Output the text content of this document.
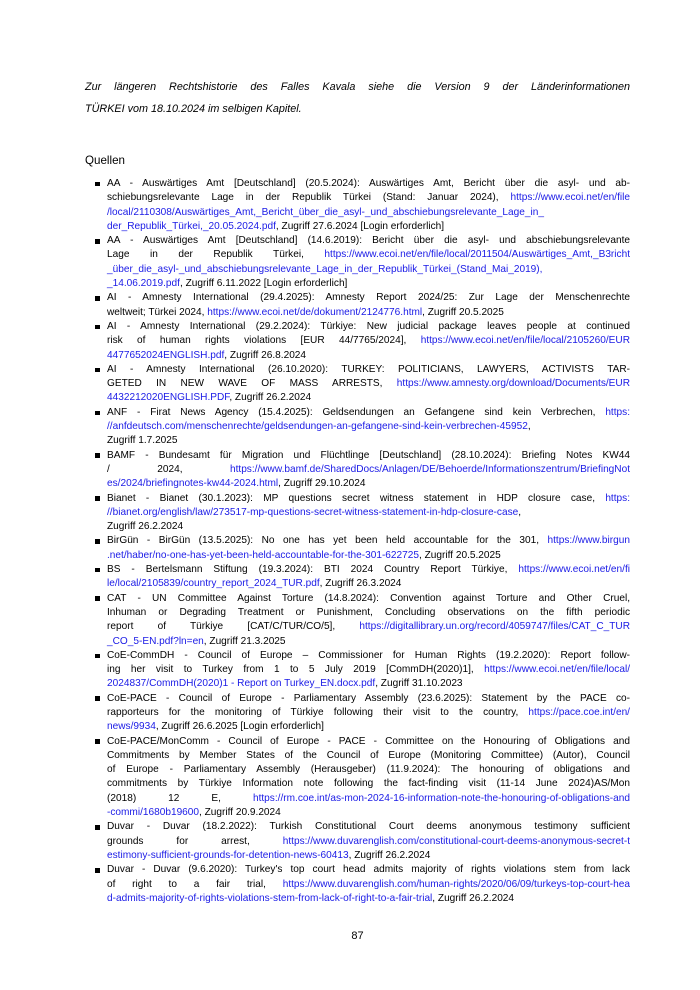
Zur längeren Rechtshistorie des Falles Kavala siehe die Version 9 der Länderinformationen
TÜRKEI vom 18.10.2024 im selbigen Kapitel.

Quellen
AA - Auswärtiges Amt [Deutschland] (20.5.2024): Auswärtiges Amt, Bericht über die asyl- und ab-
schiebungsrelevante Lage in der Republik Türkei (Stand: Januar 2024), https://www.ecoi.net/en/file
/local/2110308/Auswärtiges_Amt,_Bericht_über_die_asyl-_und_abschiebungsrelevante_Lage_in_
der_Republik_Türkei,_20.05.2024.pdf, Zugriff 27.6.2024 [Login erforderlich]
AA - Auswärtiges Amt [Deutschland] (14.6.2019): Bericht über die asyl- und abschiebungsrelevante
Lage in der Republik Türkei, https://www.ecoi.net/en/file/local/2011504/Auswärtiges_Amt,_B3richt
_über_die_asyl-_und_abschiebungsrelevante_Lage_in_der_Republik_Türkei_(Stand_Mai_2019),
_14.06.2019.pdf, Zugriff 6.11.2022 [Login erforderlich]
AI - Amnesty International (29.4.2025): Amnesty Report 2024/25: Zur Lage der Menschenrechte
weltweit; Türkei 2024, https://www.ecoi.net/de/dokument/2124776.html, Zugriff 20.5.2025
AI - Amnesty International (29.2.2024): Türkiye: New judicial package leaves people at continued
risk of human rights violations [EUR 44/7765/2024], https://www.ecoi.net/en/file/local/2105260/EUR
4477652024ENGLISH.pdf, Zugriff 26.8.2024
AI - Amnesty International (26.10.2020): TURKEY: POLITICIANS, LAWYERS, ACTIVISTS TAR-
GETED IN NEW WAVE OF MASS ARRESTS, https://www.amnesty.org/download/Documents/EUR
4432212020ENGLISH.PDF, Zugriff 26.2.2024
ANF - Firat News Agency (15.4.2025): Geldsendungen an Gefangene sind kein Verbrechen, https:
//anfdeutsch.com/menschenrechte/geldsendungen-an-gefangene-sind-kein-verbrechen-45952,
Zugriff 1.7.2025
BAMF - Bundesamt für Migration und Flüchtlinge [Deutschland] (28.10.2024): Briefing Notes KW44
/ 2024, https://www.bamf.de/SharedDocs/Anlagen/DE/Behoerde/Informationszentrum/BriefingNot
es/2024/briefingnotes-kw44-2024.html, Zugriff 29.10.2024
Bianet - Bianet (30.1.2023): MP questions secret witness statement in HDP closure case, https:
//bianet.org/english/law/273517-mp-questions-secret-witness-statement-in-hdp-closure-case,
Zugriff 26.2.2024
BirGün - BirGün (13.5.2025): No one has yet been held accountable for the 301, https://www.birgun
.net/haber/no-one-has-yet-been-held-accountable-for-the-301-622725, Zugriff 20.5.2025
BS - Bertelsmann Stiftung (19.3.2024): BTI 2024 Country Report Türkiye, https://www.ecoi.net/en/fi
le/local/2105839/country_report_2024_TUR.pdf, Zugriff 26.3.2024
CAT - UN Committee Against Torture (14.8.2024): Convention against Torture and Other Cruel,
Inhuman or Degrading Treatment or Punishment, Concluding observations on the fifth periodic
report of Türkiye [CAT/C/TUR/CO/5], https://digitallibrary.un.org/record/4059747/files/CAT_C_TUR
_CO_5-EN.pdf?ln=en, Zugriff 21.3.2025
CoE-CommDH - Council of Europe – Commissioner for Human Rights (19.2.2020): Report follow-
ing her visit to Turkey from 1 to 5 July 2019 [CommDH(2020)1], https://www.ecoi.net/en/file/local/
2024837/CommDH(2020)1 - Report on Turkey_EN.docx.pdf, Zugriff 31.10.2023
CoE-PACE - Council of Europe - Parliamentary Assembly (23.6.2025): Statement by the PACE co-
rapporteurs for the monitoring of Türkiye following their visit to the country, https://pace.coe.int/en/
news/9934, Zugriff 26.6.2025 [Login erforderlich]
CoE-PACE/MonComm - Council of Europe - PACE - Committee on the Honouring of Obligations and
Commitments by Member States of the Council of Europe (Monitoring Committee) (Autor), Council
of Europe - Parliamentary Assembly (Herausgeber) (11.9.2024): The honouring of obligations and
commitments by Türkiye Information note following the fact-finding visit (11-14 June 2024)AS/Mon
(2018) 12 E, https://rm.coe.int/as-mon-2024-16-information-note-the-honouring-of-obligations-and
-commi/1680b19600, Zugriff 20.9.2024
Duvar - Duvar (18.2.2022): Turkish Constitutional Court deems anonymous testimony sufficient
grounds for arrest, https://www.duvarenglish.com/constitutional-court-deems-anonymous-secret-t
estimony-sufficient-grounds-for-detention-news-60413, Zugriff 26.2.2024
Duvar - Duvar (9.6.2020): Turkey's top court head admits majority of rights violations stem from lack
of right to a fair trial, https://www.duvarenglish.com/human-rights/2020/06/09/turkeys-top-court-hea
d-admits-majority-of-rights-violations-stem-from-lack-of-right-to-a-fair-trial, Zugriff 26.2.2024
87
